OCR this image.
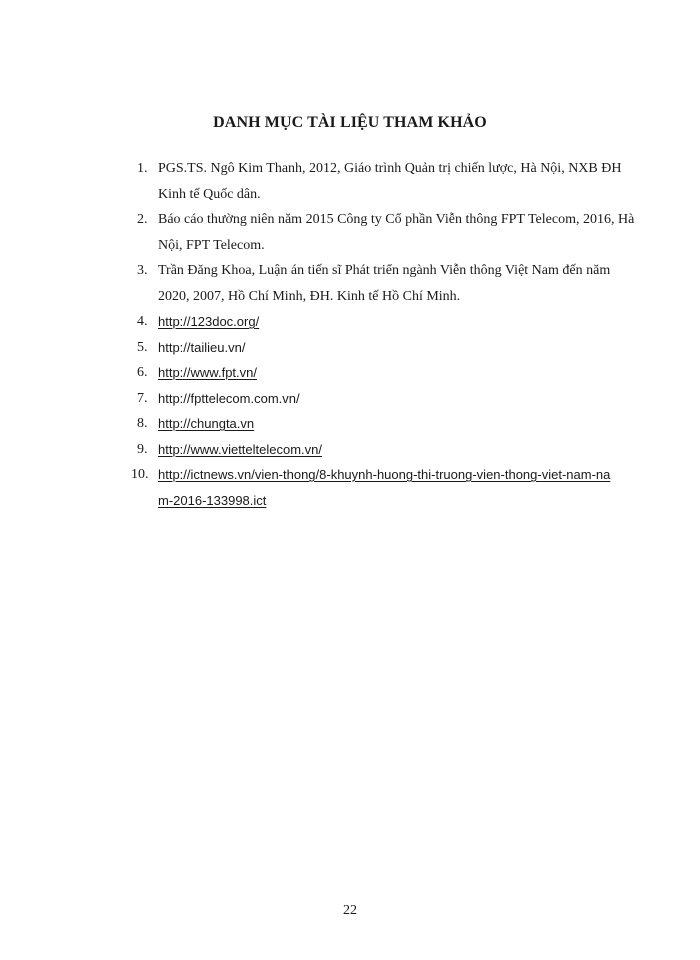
DANH MỤC TÀI LIỆU THAM KHẢO
1. PGS.TS. Ngô Kim Thanh, 2012, Giáo trình Quản trị chiến lược, Hà Nội, NXB ĐH Kinh tế Quốc dân.
2. Báo cáo thường niên năm 2015 Công ty Cổ phần Viễn thông FPT Telecom, 2016, Hà Nội, FPT Telecom.
3. Trần Đăng Khoa, Luận án tiến sĩ Phát triển ngành Viễn thông Việt Nam đến năm 2020, 2007, Hồ Chí Minh, ĐH. Kinh tế Hồ Chí Minh.
4. http://123doc.org/
5. http://tailieu.vn/
6. http://www.fpt.vn/
7. http://fpttelecom.com.vn/
8. http://chungta.vn
9. http://www.vietteltelecom.vn/
10. http://ictnews.vn/vien-thong/8-khuynh-huong-thi-truong-vien-thong-viet-nam-nam-2016-133998.ict
22
